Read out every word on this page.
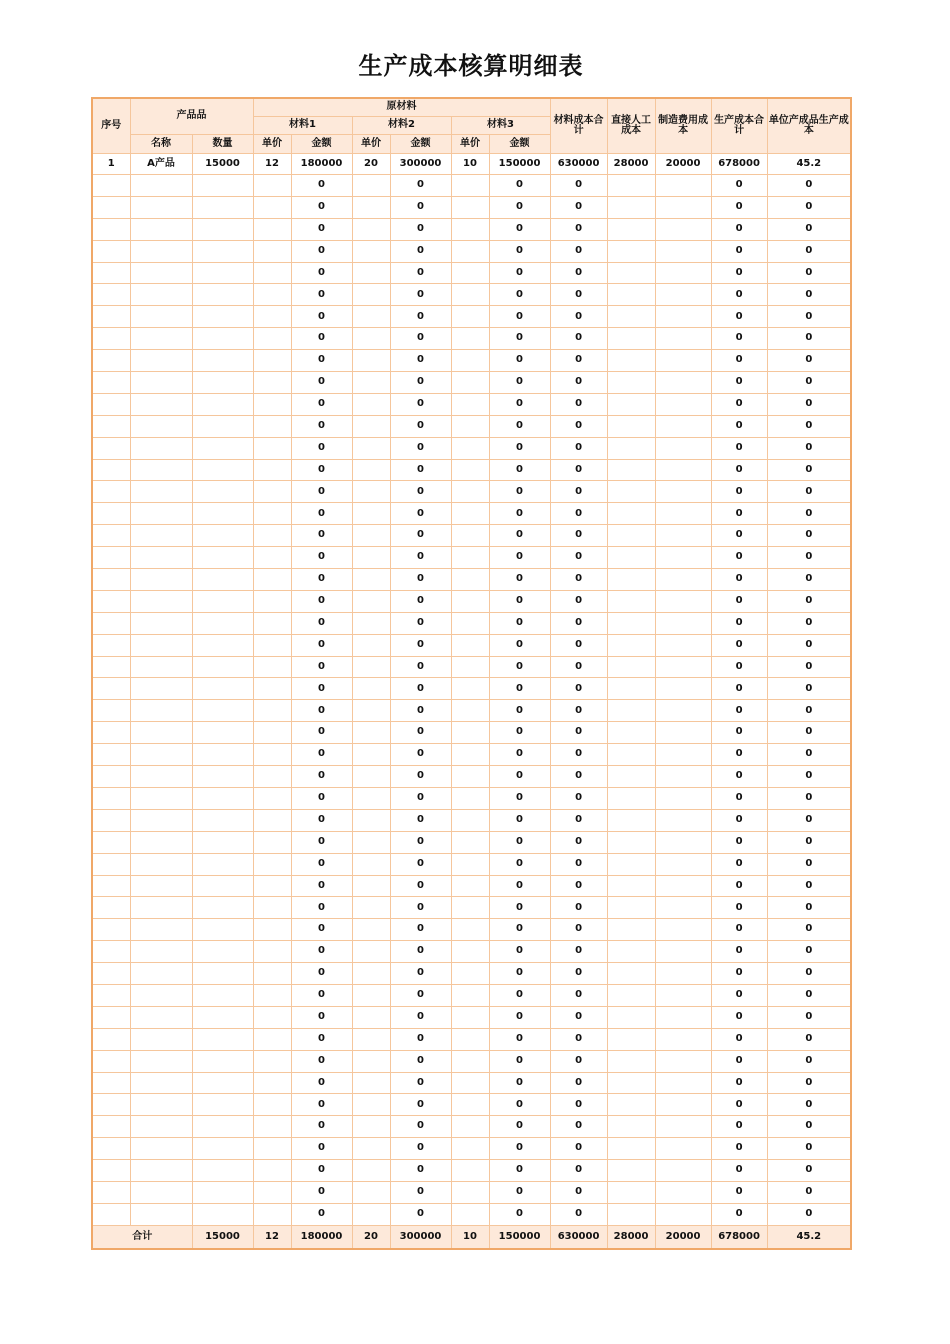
生产成本核算明细表
序号	产品品		原材料						材料成本合计	直接人工成本	制造费用成本	生产成本合计	单位产成品生产成本
			材料1		材料2		材料3						
	名称	数量	单价	金额	单价	金额	单价	金额					
1	A产品	15000	12	180000	20	300000	10	150000	630000	28000	20000	678000	45.2
				0		0		0	0			0	0
				0		0		0	0			0	0
				0		0		0	0			0	0
				0		0		0	0			0	0
				0		0		0	0			0	0
				0		0		0	0			0	0
				0		0		0	0			0	0
				0		0		0	0			0	0
				0		0		0	0			0	0
				0		0		0	0			0	0
				0		0		0	0			0	0
				0		0		0	0			0	0
				0		0		0	0			0	0
				0		0		0	0			0	0
				0		0		0	0			0	0
				0		0		0	0			0	0
				0		0		0	0			0	0
				0		0		0	0			0	0
				0		0		0	0			0	0
				0		0		0	0			0	0
				0		0		0	0			0	0
				0		0		0	0			0	0
				0		0		0	0			0	0
				0		0		0	0			0	0
				0		0		0	0			0	0
				0		0		0	0			0	0
				0		0		0	0			0	0
				0		0		0	0			0	0
				0		0		0	0			0	0
				0		0		0	0			0	0
				0		0		0	0			0	0
				0		0		0	0			0	0
				0		0		0	0			0	0
				0		0		0	0			0	0
				0		0		0	0			0	0
				0		0		0	0			0	0
				0		0		0	0			0	0
				0		0		0	0			0	0
				0		0		0	0			0	0
				0		0		0	0			0	0
				0		0		0	0			0	0
				0		0		0	0			0	0
				0		0		0	0			0	0
				0		0		0	0			0	0
				0		0		0	0			0	0
				0		0		0	0			0	0
				0		0		0	0			0	0
				0		0		0	0			0	0
合计		15000	12	180000	20	300000	10	150000	630000	28000	20000	678000	45.2
